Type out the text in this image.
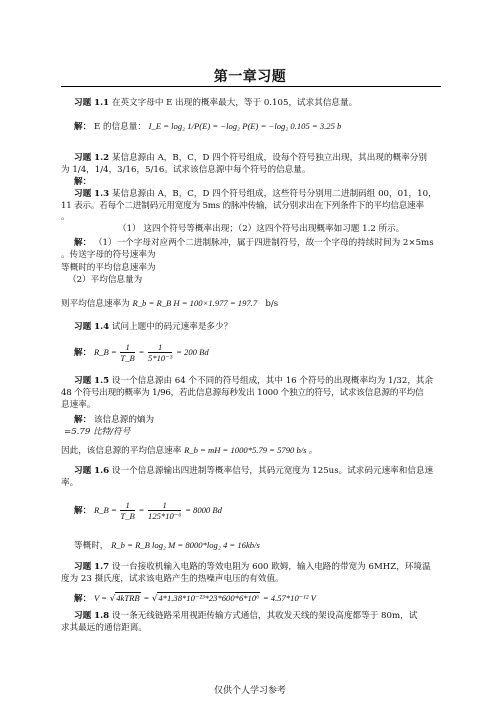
第一章习题
习题 1.1 在英文字母中 E 出现的概率最大，等于 0.105，试求其信息量。
解： E 的信息量： I_E = log₂ 1/P(E) = −log₂ P(E) = −log₂ 0.105 = 3.25 b
习题 1.2 某信息源由 A，B，C，D 四个符号组成，设每个符号独立出现，其出现的概率分别
为 1/4，1/4，3/16，5/16。试求该信息源中每个符号的信息量。
解：
习题 1.3 某信息源由 A，B，C，D 四个符号组成，这些符号分别用二进制码组 00，01，10，
11 表示。若每个二进制码元用宽度为 5ms 的脉冲传输，试分别求出在下列条件下的平均信息速率
。
（1） 这四个符号等概率出现；（2）这四个符号出现概率如习题 1.2 所示。
解： （1）一个字母对应两个二进制脉冲，属于四进制符号，故一个字母的持续时间为 2×5ms
。传送字母的符号速率为
等概时的平均信息速率为
（2）平均信息量为
则平均信息速率为 R_b = R_B H = 100×1.977 = 197.7 b/s
习题 1.4 试问上题中的码元速率是多少？
解： R_B = $\frac{1}{T\_B} = \frac{1}{\text{5*10⁻³}} = 200$ Bd
习题 1.5 设一个信息源由 64 个不同的符号组成，其中 16 个符号的出现概率均为 1/32，其余
48 个符号出现的概率为 1/96，若此信息源每秒发出 1000 个独立的符号，试求该信息源的平均信
息速率。
解： 该信息源的熵为
=5.79 比特/符号
因此，该信息源的平均信息速率 R_b = mH = 1000*5.79 = 5790 b/s 。
习题 1.6 设一个信息源输出四进制等概率信号，其码元宽度为 125us。试求码元速率和信息速
率。
解： R_B = $\frac{1}{T\_B} = \frac{1}{\text{125*10⁻⁶}} = 8000$ Bd
等概时， R_b = R_B log₂ M = 8000*log₂ 4 = 16kb/s
习题 1.7 设一台接收机输入电路的等效电阻为 600 欧姆，输入电路的带宽为 6MHZ，环境温
度为 23 摄氏度，试求该电路产生的热噪声电压的有效值。
解： V = √4kTRB = √4*1.38*10⁻²³*23*600*6*10⁶ = 4.57*10⁻¹² V
习题 1.8 设一条无线链路采用视距传输方式通信，其收发天线的架设高度都等于 80m，试
求其最远的通信距离。
仅供个人学习参考
